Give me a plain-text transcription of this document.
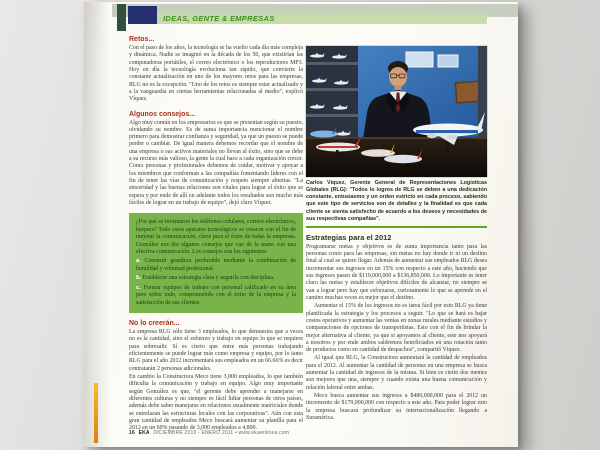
IDEAS, GENTE & EMPRESAS
Retos...

Con el paso de los años, la tecnología se ha vuelto cada día más compleja y dinámica. Nadie se imaginó en la década de los 50, que existirían las computadoras portátiles, el correo electrónico o los reproductores MP3. Hoy en día la tecnología evoluciona tan rápido, que convierte la constante actualización en uno de los mayores retos para las empresas, RLG no es la excepción. "Uno de los retos es siempre estar actualizado y a la vanguardia en ciertas herramientas relacionadas al medio", explicó Víquez.

Algunos consejos...

Algo muy común en los empresarios es que se presentan según su puesto, olvidando su nombre. Es de suma importancia mencionar el nombre primero para demostrar confianza y seguridad, ya que un puesto se puede perder o cambiar. De igual manera debemos recordar que el nombre de una empresa o sus activos materiales no llevan al éxito, sino que se debe a su recurso más valioso, la gente la cual hace a cada organización crecer. Como personas y profesionales debemos de cuidar, motivar y apoyar a los miembros que conforman a las compañías fomentando líderes con el fin de tener las vías de comunicación y respeto siempre abiertas. "La sinceridad y las buenas relaciones son vitales para lograr el éxito que se espera y por ende de allí en adelante todos los resultados son mucho más fáciles de lograr en un trabajo de equipo", dejó claro Víquez.

¿Por qué se inventaron los teléfonos celulares, correos electrónicos, beepers? Todo estos aparatos tecnológicos se crearon con el fin de mejorar la comunicación, clave para el éxito de todas la empresas. González nos dio algunos consejos que van de la mano con una efectiva comunicación. Los consejos son los siguientes:

a. Construir grandeza perdurable mediante la combinación de humildad y voluntad profesional.

b. Establecer una estrategia clara y seguirla con disciplina.

c. Formar equipos de trabajo con personal calificado en su área pero sobre todo, comprometido con el éxito de la empresa y la satisfacción de sus clientes.

No lo creerán...

La empresa RLG sólo tiene 3 empleados, lo que demuestra que a veces no es la cantidad, sino el esfuerzo y trabajo en equipo lo que se requiere para sobresalir. Sí es cierto que entre más personas trabajando eficientemente se puede lograr más como empresa y equipo, por lo tanto RLG para el año 2012 incrementará sus empleados en un 66.66% es decir contratarán 2 personas adicionales.

En cambio la Constructora Meco tiene 3,000 empleados, lo que también dificulta la comunicación y trabajo en equipo. Algo muy importante según González es que, "el gerente debe aprender a manejarse en diferentes culturas y no siempre es fácil lidiar personas de otros países, además debe saber manejarse en relaciones usualmente matriciales donde se entrelazan las estructuras locales con las corporativas". Aún con esta gran cantidad de empleados Meco buscará aumentar su planilla para el 2012 en un 60% pasando de 3,000 empleados a 4,800.

Carlos Víquez, Gerente General de Representaciones Logísticas Globales (RLG): "Todos lo logros de RLG se deben a una dedicación constante, entusiasmo y un orden estricto en cada proceso, sabiendo que este tipo de servicios son de detalles y la finalidad es que cada cliente se sienta satisfecho de acuerdo a los deseos y necesidades de sus respectivas compañías".

Estrategias para el 2012

Programarse metas y objetivos es de suma importancia tanto para las personas como para las empresas, sin metas no hay donde ir ni un destino final al cual se quiere llegar. Además de aumentar sus empleados RLG desea incrementar sus ingresos en un 15% con respecto a este año, haciendo que sus ingresos pasen de $119,000,000 a $136,850,000. Lo importante es tener claro las metas y establecer objetivos difíciles de alcanzar, no siempre se van a lograr pero hay que esforzarse, curiosamente lo que se aprende en el camino muchas veces es mejor que el destino.

Aumentar el 15% de los ingresos no es tarea fácil por esto RLG ya tiene planificada la estrategia y los procesos a seguir. "Lo que se hará es bajar costos operativos y aumentar las ventas en zonas rurales mediante estudios y comparaciones de opciones de transportistas. Esto con el fin de brindar la mejor alternativa al cliente, ya que si apoyamos al cliente, este nos apoyará a nosotros y por ende ambos saldremos beneficiados en una rotación tanto de productos como en cantidad de despachos", compartió Víquez.

Al igual que RLG, la Constructora aumentará la cantidad de empleados para el 2012. Al aumentar la cantidad de personas en una empresa se busca aumentar la cantidad de ingresos de la misma. Si bien es cierto dos mentes son mejores que una, siempre y cuando exista una buena comunicación y relación laboral entre ambas.

Meco busca aumentar sus ingresos a $480,000,000 para el 2012 un incremento de $179,000,000 con respecto a este año. Para poder lograr esto la empresa buscará profundizar su internacionalización llegando a Suramérica.

16 EKA DICIEMBRE 2010 - ENERO 2011 • www.ekaenlinea.com
